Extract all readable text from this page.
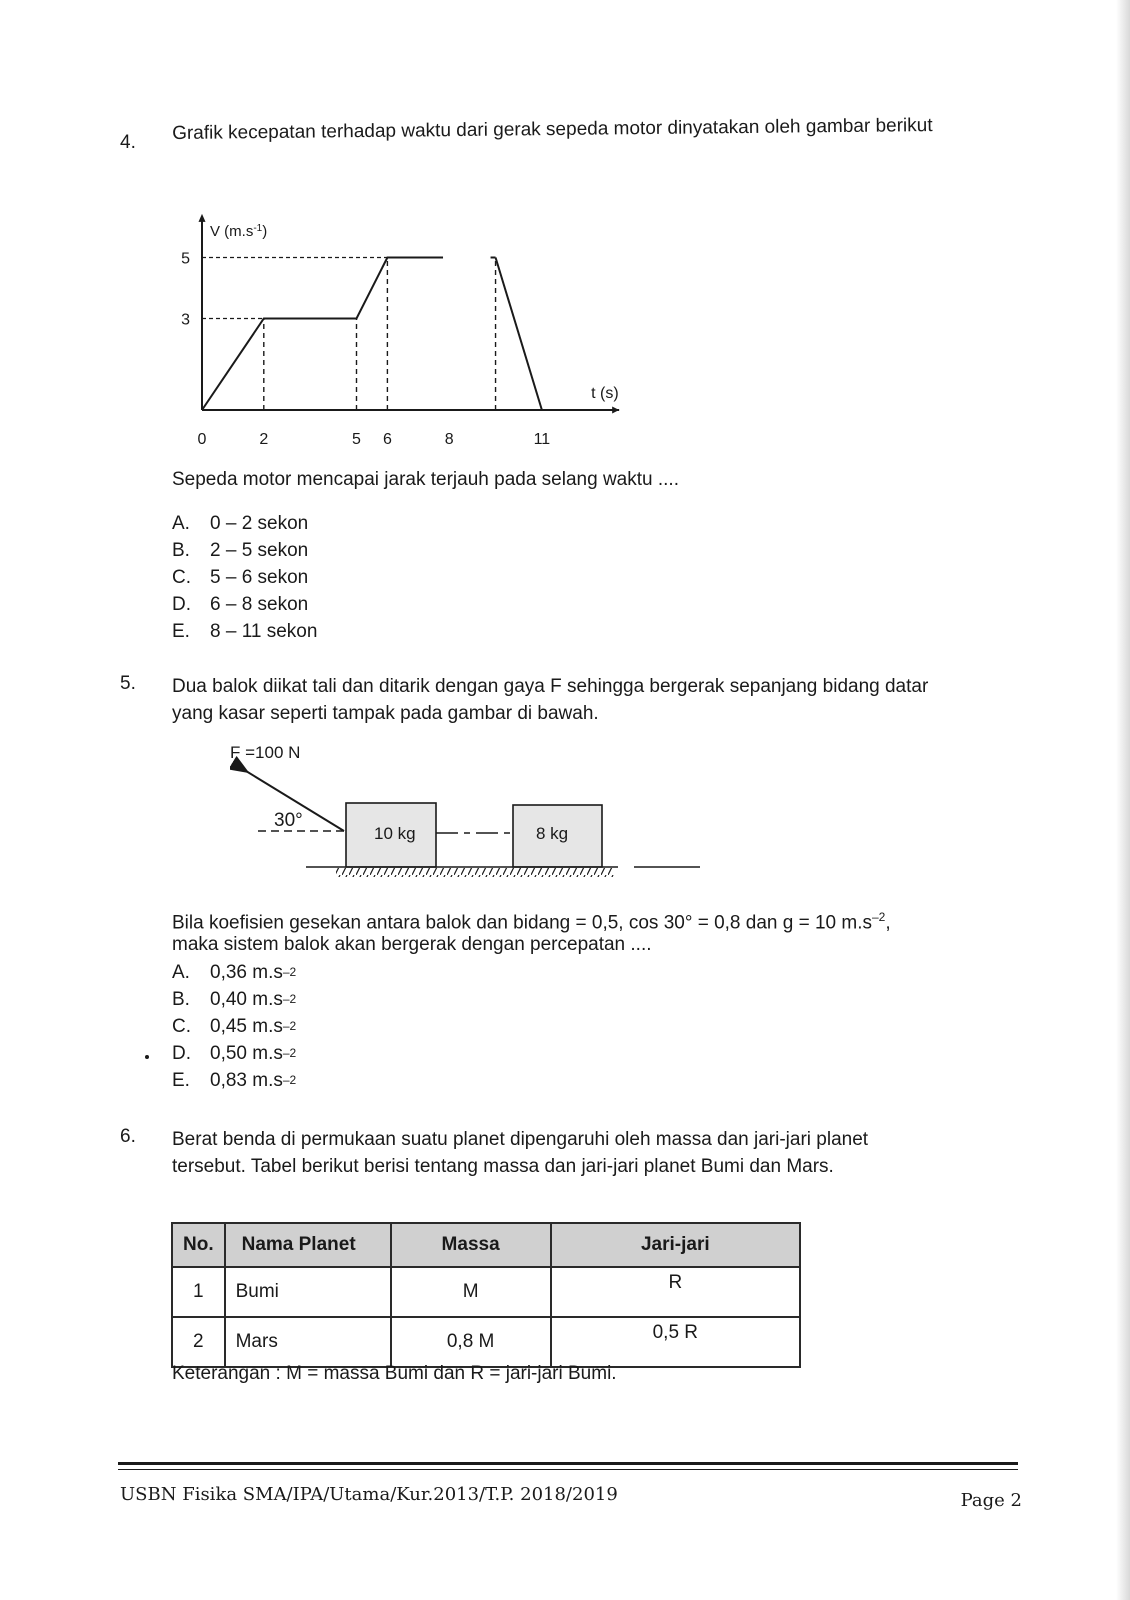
4. Grafik kecepatan terhadap waktu dari gerak sepeda motor dinyatakan oleh gambar berikut
0	2	5 6	8	11
3
5
V $(m.s^{-1})$
t (s)
Sepeda motor mencapai jarak terjauh pada selang waktu ....
A.	0 – 2 sekon
B.	2 – 5 sekon
C.	5 – 6 sekon
D.	6 – 8 sekon
E.	8 – 11 sekon
5. Dua balok diikat tali dan ditarik dengan gaya F sehingga bergerak sepanjang bidang datar
yang kasar seperti tampak pada gambar di bawah.
F =100 N
30°
10 kg	8 kg
Bila koefisien gesekan antara balok dan bidang = 0,5, cos 30° = 0,8 dan g = 10 $m.s^{-2}$,
maka sistem balok akan bergerak dengan percepatan ....
A.	0,36 m.s –2
B.	0,40 m.s –2
C.	0,45 m.s –2
D.	0,50 m.s –2
E.	0,83 m.s –2
6. Berat benda di permukaan suatu planet dipengaruhi oleh massa dan jari-jari planet
tersebut. Tabel berikut berisi tentang massa dan jari-jari planet Bumi dan Mars.
No.	Nama Planet	Massa	Jari-jari
1	Bumi	M	R
2	Mars	0,8 M	0,5 R
Keterangan : M = massa Bumi dan R = jari-jari Bumi.
USBN Fisika SMA/IPA/Utama/Kur.2013/T.P. 2018/2019	Page 2
